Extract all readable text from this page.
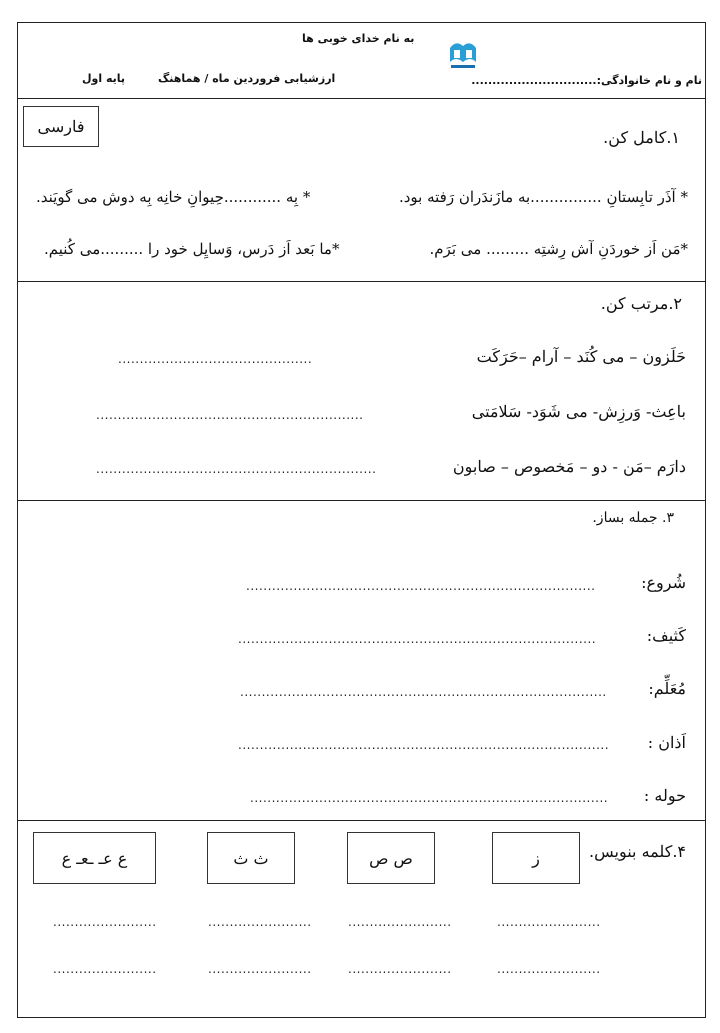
به نام خدای خوبی ها
نام و نام خانوادگی:..............................
ارزشیابی فروردین ماه / هماهنگ
پایه اول
فارسی
۱.کامل کن.
* آذَر تابِستانِ ...............به مازَندَران رَفته بود.
* بِه ............حِیوانِ خانِه بِه دوش می گویَند.
*مَن اَز خوردَنِ آش رِشتِه ......... می بَرَم.
*ما بَعد اَز دَرس، وَسایِل خود را .........می کُنیم.
۲.مرتب کن.
حَلَزون – می کُنَد – آرام –حَرَکَت
.............................................
باعِث- وَرزِش- می شَوَد- سَلامَتی
..............................................................
دارَم –مَن - دو – مَخصوص – صابون
.................................................................
۳. جمله بساز.
شُروع:
.................................................................................
کَثیف:
...................................................................................
مُعَلِّم:
.....................................................................................
اَذان :
......................................................................................
حوله :
...................................................................................
۴.کلمه بنویس.
ز
ص ص
ث ث
ع عـ ـعـ ع
........................
........................
........................
........................
........................
........................
........................
........................
